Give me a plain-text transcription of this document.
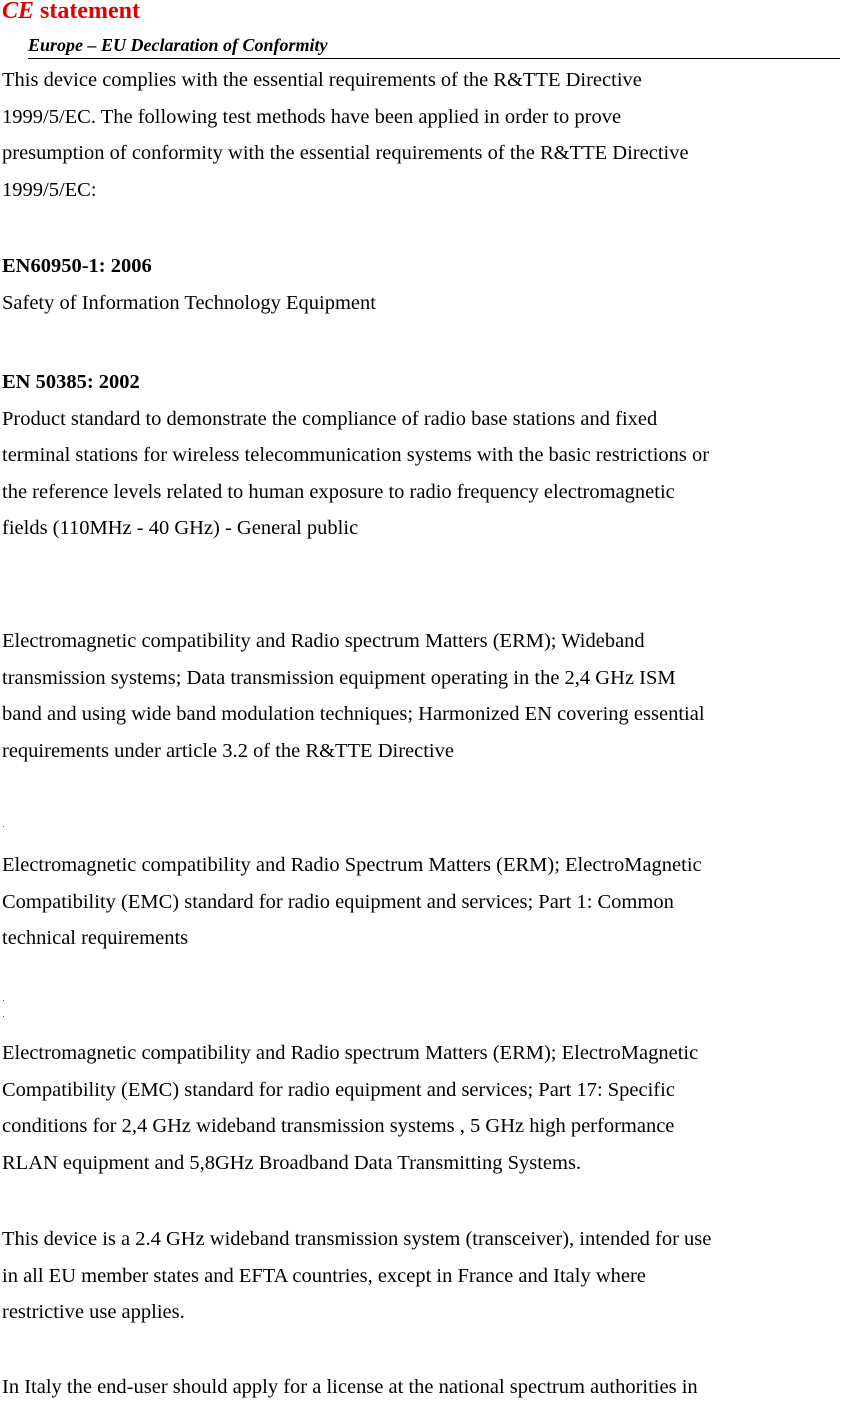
CE statement
Europe – EU Declaration of Conformity

This device complies with the essential requirements of the R&TTE Directive

1999/5/EC. The following test methods have been applied in order to prove

presumption of conformity with the essential requirements of the R&TTE Directive

1999/5/EC:

EN60950-1: 2006

Safety of Information Technology Equipment

EN 50385: 2002

Product standard to demonstrate the compliance of radio base stations and fixed

terminal stations for wireless telecommunication systems with the basic restrictions or

the reference levels related to human exposure to radio frequency electromagnetic

fields (110MHz - 40 GHz) - General public

Electromagnetic compatibility and Radio spectrum Matters (ERM); Wideband

transmission systems; Data transmission equipment operating in the 2,4 GHz ISM

band and using wide band modulation techniques; Harmonized EN covering essential

requirements under article 3.2 of the R&TTE Directive

Electromagnetic compatibility and Radio Spectrum Matters (ERM); ElectroMagnetic

Compatibility (EMC) standard for radio equipment and services; Part 1: Common

technical requirements

Electromagnetic compatibility and Radio spectrum Matters (ERM); ElectroMagnetic

Compatibility (EMC) standard for radio equipment and services; Part 17: Specific

conditions for 2,4 GHz wideband transmission systems , 5 GHz high performance

RLAN equipment and 5,8GHz Broadband Data Transmitting Systems.

This device is a 2.4 GHz wideband transmission system (transceiver), intended for use

in all EU member states and EFTA countries, except in France and Italy where

restrictive use applies.

In Italy the end-user should apply for a license at the national spectrum authorities in
